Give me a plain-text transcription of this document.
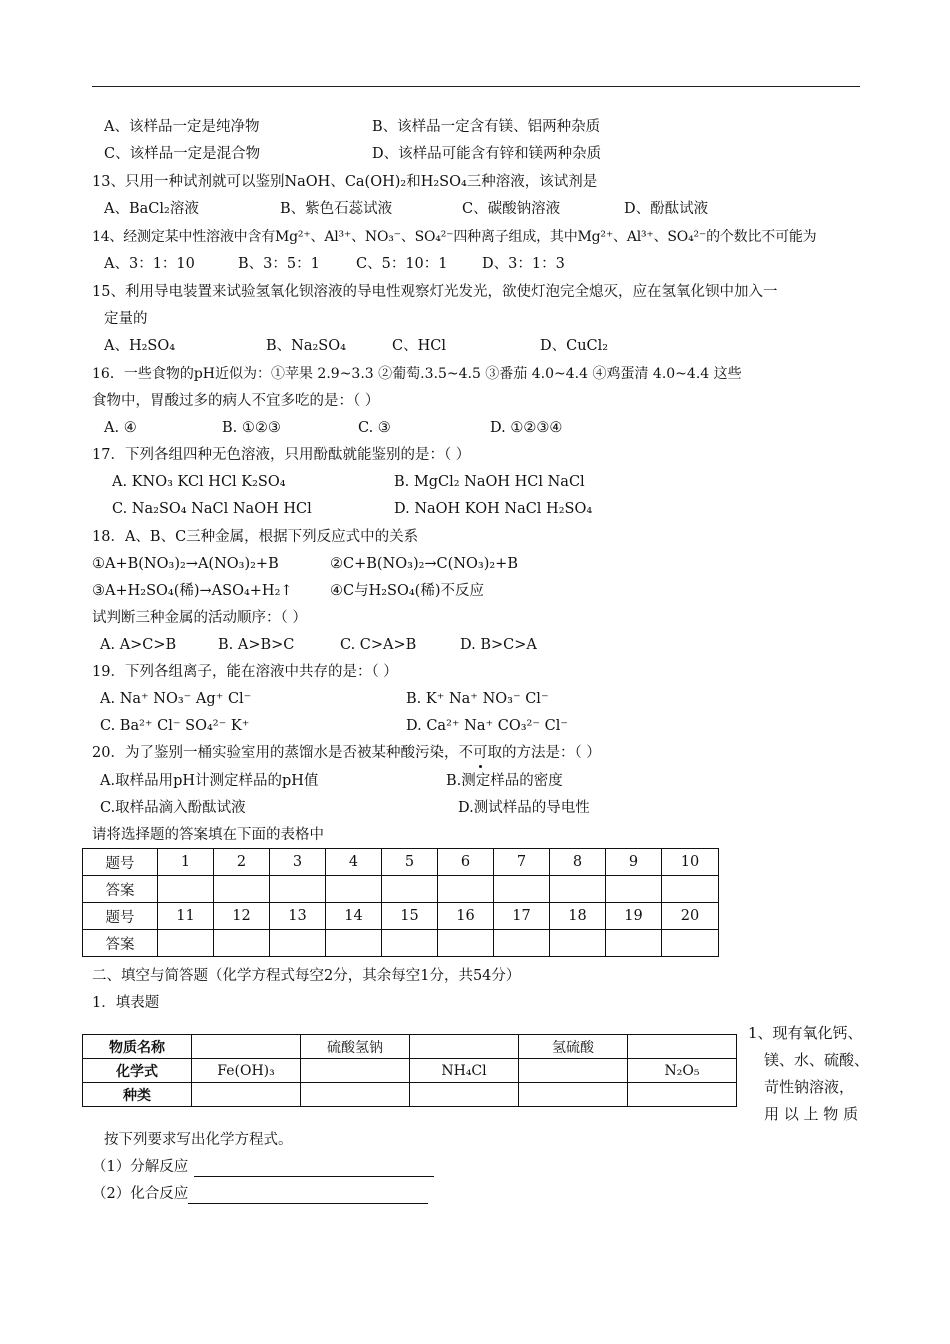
A、该样品一定是纯净物	B、该样品一定含有镁、铝两种杂质
C、该样品一定是混合物	D、该样品可能含有锌和镁两种杂质
13、只用一种试剂就可以鉴别NaOH、Ca(OH)₂和H₂SO₄三种溶液，该试剂是
A、BaCl₂溶液	B、紫色石蕊试液	C、碳酸钠溶液	D、酚酞试液
14、经测定某中性溶液中含有Mg²⁺、Al³⁺、NO₃⁻、SO₄²⁻四种离子组成，其中Mg²⁺、Al³⁺、SO₄²⁻的个数比不可能为
A、3：1：10	B、3：5：1 C、5：10：1 D、3：1：3
15、利用导电装置来试验氢氧化钡溶液的导电性观察灯光发光，欲使灯泡完全熄灭，应在氢氧化钡中加入一
定量的
A、H₂SO₄	B、Na₂SO₄	C、HCl	D、CuCl₂
16．一些食物的pH近似为：①苹果 2.9~3.3 ②葡萄.3.5~4.5 ③番茄 4.0~4.4 ④鸡蛋清 4.0~4.4 这些
食物中，胃酸过多的病人不宜多吃的是：（ ）
A. ④	B. ①②③	C. ③	D. ①②③④
17．下列各组四种无色溶液，只用酚酞就能鉴别的是：（ ）
A. KNO₃ KCl HCl K₂SO₄	B. MgCl₂ NaOH HCl NaCl
C. Na₂SO₄ NaCl NaOH HCl	D. NaOH KOH NaCl H₂SO₄
18．A、B、C三种金属，根据下列反应式中的关系
①A+B(NO₃)₂→A(NO₃)₂+B	②C+B(NO₃)₂→C(NO₃)₂+B
③A+H₂SO₄(稀)→ASO₄+H₂↑	④C与H₂SO₄(稀)不反应
试判断三种金属的活动顺序：（ ）
A. A>C>B	B. A>B>C	C. C>A>B	D. B>C>A
19．下列各组离子，能在溶液中共存的是：（ ）
A. Na⁺ NO₃⁻ Ag⁺ Cl⁻	B. K⁺ Na⁺ NO₃⁻ Cl⁻
C. Ba²⁺ Cl⁻ SO₄²⁻ K⁺	D. Ca²⁺ Na⁺ CO₃²⁻ Cl⁻
20．为了鉴别一桶实验室用的蒸馏水是否被某种酸污染，不可取的方法是：（ ）
A.取样品用pH计测定样品的pH值	B.测定样品的密度
C.取样品滴入酚酞试液	D.测试样品的导电性
请将选择题的答案填在下面的表格中
题号	1	2	3	4	5	6	7	8	9	10
答案										
题号	11	12	13	14	15	16	17	18	19	20
答案										
二、填空与简答题（化学方程式每空2分，其余每空1分，共54分）
1．填表题
物质名称		硫酸氢钠		氢硫酸	
化学式	Fe(OH)₃		NH₄Cl		N₂O₅
种类					
1、现有氧化钙、
镁、水、硫酸、
苛性钠溶液，
用 以 上 物 质
按下列要求写出化学方程式。
（1）分解反应
（2）化合反应
